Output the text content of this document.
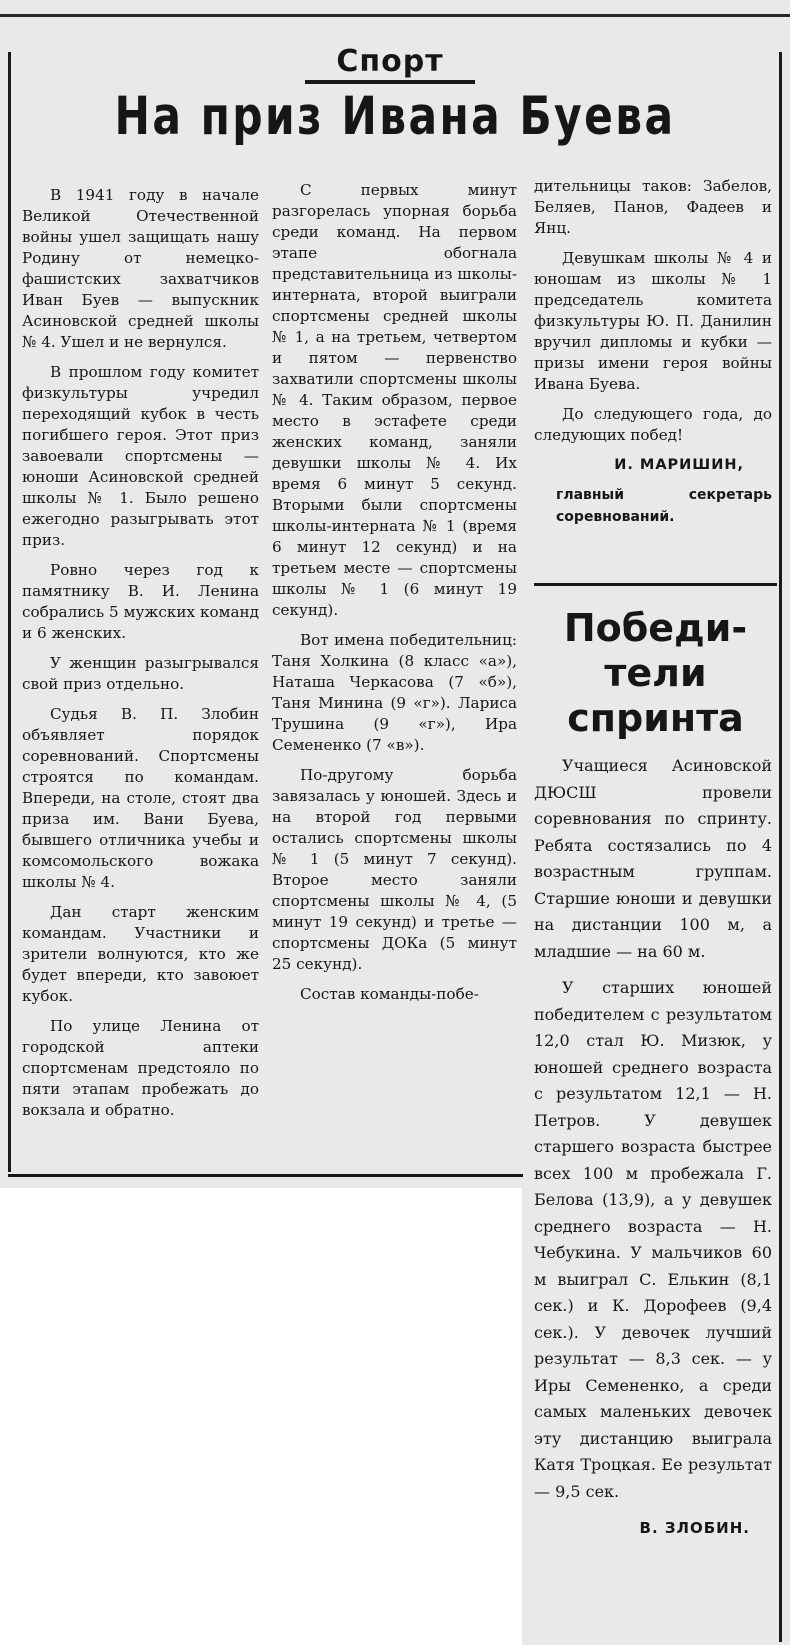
Спорт
На приз Ивана Буева

В 1941 году в начале Великой Отечественной войны ушел защищать нашу Родину от немецко-фашистских захватчиков Иван Буев — выпускник Асиновской средней школы № 4. Ушел и не вернулся.

В прошлом году комитет физкультуры учредил переходящий кубок в честь погибшего героя. Этот приз завоевали спортсмены — юноши Асиновской средней школы № 1. Было решено ежегодно разыгрывать этот приз.

Ровно через год к памятнику В. И. Ленина собрались 5 мужских команд и 6 женских.

У женщин разыгрывался свой приз отдельно.

Судья В. П. Злобин объявляет порядок соревнований. Спортсмены строятся по командам. Впереди, на столе, стоят два приза им. Вани Буева, бывшего отличника учебы и комсомольского вожака школы № 4.

Дан старт женским командам. Участники и зрители волнуются, кто же будет впереди, кто завоюет кубок.

По улице Ленина от городской аптеки спортсменам предстояло по пяти этапам пробежать до вокзала и обратно.

С первых минут разгорелась упорная борьба среди команд. На первом этапе обогнала представительница из школы-интерната, второй выиграли спортсмены средней школы № 1, а на третьем, четвертом и пятом — первенство захватили спортсмены школы № 4. Таким образом, первое место в эстафете среди женских команд, заняли девушки школы № 4. Их время 6 минут 5 секунд. Вторыми были спортсмены школы-интерната № 1 (время 6 минут 12 секунд) и на третьем месте — спортсмены школы № 1 (6 минут 19 секунд).

Вот имена победительниц: Таня Холкина (8 класс «а»), Наташа Черкасова (7 «б»), Таня Минина (9 «г»). Лариса Трушина (9 «г»), Ира Семененко (7 «в»).

По-другому борьба завязалась у юношей. Здесь и на второй год первыми остались спортсмены школы № 1 (5 минут 7 секунд). Второе место заняли спортсмены школы № 4, (5 минут 19 секунд) и третье — спортсмены ДОКа (5 минут 25 секунд).

Состав команды-побе-

дительницы таков: Забелов, Беляев, Панов, Фадеев и Янц.

Девушкам школы № 4 и юношам из школы № 1 председатель комитета физкультуры Ю. П. Данилин вручил дипломы и кубки — призы имени героя войны Ивана Буева.

До следующего года, до следующих побед!

И. МАРИШИН,
главный секретарь соревнований.
Победи-
тели
спринта

Учащиеся Асиновской ДЮСШ провели соревнования по спринту. Ребята состязались по 4 возрастным группам. Старшие юноши и девушки на дистанции 100 м, а младшие — на 60 м.

У старших юношей победителем с результатом 12,0 стал Ю. Мизюк, у юношей среднего возраста с результатом 12,1 — Н. Петров. У девушек старшего возраста быстрее всех 100 м пробежала Г. Белова (13,9), а у девушек среднего возраста — Н. Чебукина. У мальчиков 60 м выиграл С. Елькин (8,1 сек.) и К. Дорофеев (9,4 сек.). У девочек лучший результат — 8,3 сек. — у Иры Семененко, а среди самых маленьких девочек эту дистанцию выиграла Катя Троцкая. Ее результат — 9,5 сек.

В. ЗЛОБИН.
